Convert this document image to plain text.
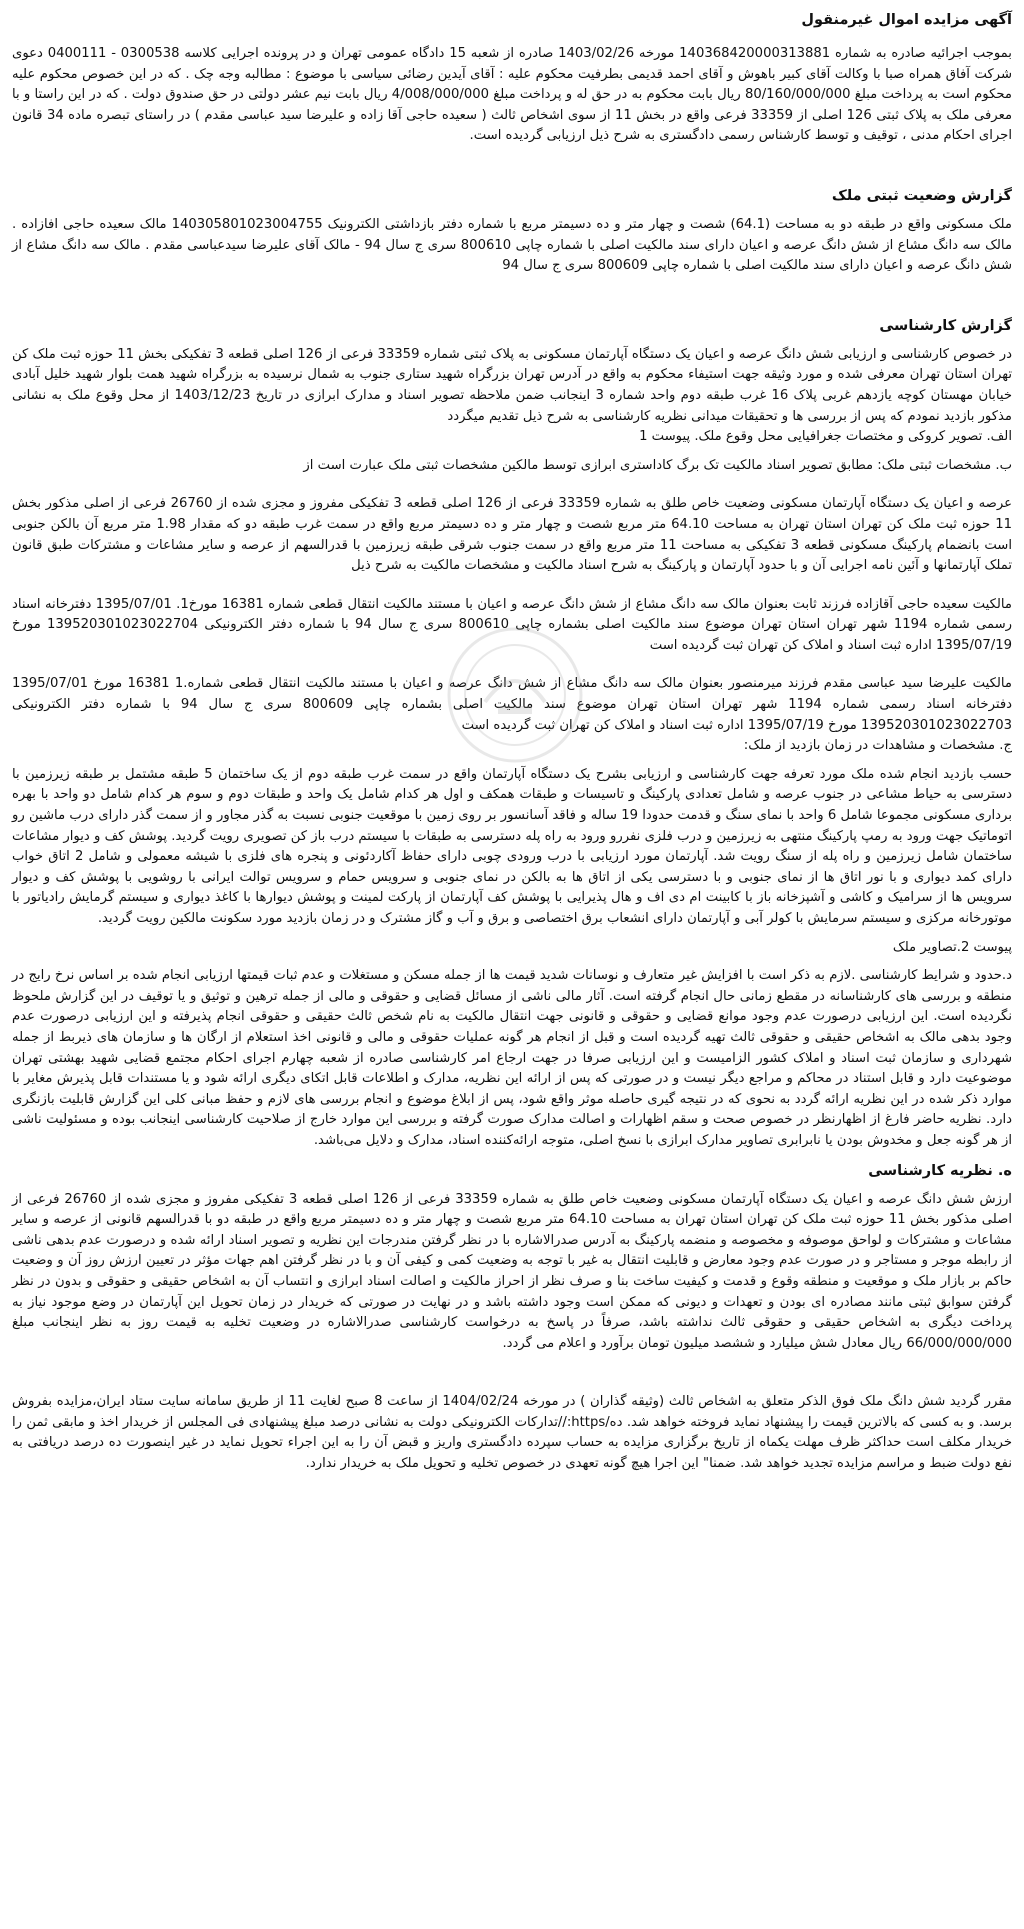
آگهی مزایده اموال غیرمنقول

بموجب اجرائیه صادره به شماره 140368420000313881 مورخه 1403/02/26 صادره از شعبه 15 دادگاه عمومی تهران و در پرونده اجرایی کلاسه 0300538 - 0400111 دعوی شرکت آفاق همراه صبا با وکالت آقای کبیر باهوش و آقای احمد قدیمی بطرفیت محکوم علیه : آقای آیدین رضائی سیاسی با موضوع : مطالبه وجه چک . که در این خصوص محکوم علیه محکوم است به پرداخت مبلغ 80/160/000/000 ریال بابت محکوم به در حق له و پرداخت مبلغ 4/008/000/000 ریال بابت نیم عشر دولتی در حق صندوق دولت . که در این راستا و با معرفی ملک به پلاک ثبتی 126 اصلی از 33359 فرعی واقع در بخش 11 از سوی اشخاص ثالث ( سعیده حاجی آقا زاده و علیرضا سید عباسی مقدم ) در راستای تبصره ماده 34 قانون اجرای احکام مدنی ، توقیف و توسط کارشناس رسمی دادگستری به شرح ذیل ارزیابی گردیده است.

گزارش وضعیت ثبتی ملک

ملک مسکونی واقع در طبقه دو به مساحت (64.1) شصت و چهار متر و ده دسیمتر مربع با شماره دفتر بازداشتی الکترونیک 140305801023004755 مالک سعیده حاجی افازاده . مالک سه دانگ مشاع از شش دانگ عرصه و اعیان دارای سند مالکیت اصلی با شماره چاپی 800610 سری ج سال 94 - مالک آقای علیرضا سیدعباسی مقدم . مالک سه دانگ مشاع از شش دانگ عرصه و اعیان دارای سند مالکیت اصلی با شماره چاپی 800609 سری ج سال 94

گزارش کارشناسی

در خصوص کارشناسی و ارزیابی شش دانگ عرصه و اعیان یک دستگاه آپارتمان مسکونی به پلاک ثبتی شماره 33359 فرعی از 126 اصلی قطعه 3 تفکیکی بخش 11 حوزه ثبت ملک کن تهران استان تهران معرفی شده و مورد وثیقه جهت استیفاء محکوم به واقع در آدرس تهران بزرگراه شهید ستاری جنوب به شمال نرسیده به بزرگراه شهید همت بلوار شهید خلیل آبادی خیابان مهستان کوچه یازدهم غربی پلاک 16 غرب طبقه دوم واحد شماره 3 اینجانب ضمن ملاحظه تصویر اسناد و مدارک ابرازی در تاریخ 1403/12/23 از محل وقوع ملک به نشانی مذکور بازدید نمودم که پس از بررسی ها و تحقیقات میدانی نظریه کارشناسی به شرح ذیل تقدیم میگردد

الف. تصویر کروکی و مختصات جغرافیایی محل وقوع ملک. پیوست 1

ب. مشخصات ثبتی ملک: مطابق تصویر اسناد مالکیت تک برگ کاداستری ابرازی توسط مالکین مشخصات ثبتی ملک عبارت است از

عرصه و اعیان یک دستگاه آپارتمان مسکونی وضعیت خاص طلق به شماره 33359 فرعی از 126 اصلی قطعه 3 تفکیکی مفروز و مجزی شده از 26760 فرعی از اصلی مذکور بخش 11 حوزه ثبت ملک کن تهران استان تهران به مساحت 64.10 متر مربع شصت و چهار متر و ده دسیمتر مربع واقع در سمت غرب طبقه دو که مقدار 1.98 متر مربع آن بالکن جنوبی است بانضمام پارکینگ مسکونی قطعه 3 تفکیکی به مساحت 11 متر مربع واقع در سمت جنوب شرقی طبقه زیرزمین با قدرالسهم از عرصه و سایر مشاعات و مشترکات طبق قانون تملک آپارتمانها و آئین نامه اجرایی آن و با حدود آپارتمان و پارکینگ به شرح اسناد مالکیت و مشخصات مالکیت به شرح ذیل

مالکیت سعیده حاجی آقازاده فرزند ثابت بعنوان مالک سه دانگ مشاع از شش دانگ عرصه و اعیان با مستند مالکیت انتقال قطعی شماره 16381 مورخ1. 1395/07/01 دفترخانه اسناد رسمی شماره 1194 شهر تهران استان تهران موضوع سند مالکیت اصلی بشماره چاپی 800610 سری ج سال 94 با شماره دفتر الکترونیکی 139520301023022704 مورخ 1395/07/19 اداره ثبت اسناد و املاک کن تهران ثبت گردیده است

مالکیت علیرضا سید عباسی مقدم فرزند میرمنصور بعنوان مالک سه دانگ مشاع از شش دانگ عرصه و اعیان با مستند مالکیت انتقال قطعی شماره.1 16381 مورخ 1395/07/01 دفترخانه اسناد رسمی شماره 1194 شهر تهران استان تهران موضوع سند مالکیت اصلی بشماره چاپی 800609 سری ج سال 94 با شماره دفتر الکترونیکی 139520301023022703 مورخ 1395/07/19 اداره ثبت اسناد و املاک کن تهران ثبت گردیده است

ج. مشخصات و مشاهدات در زمان بازدید از ملک:

حسب بازدید انجام شده ملک مورد تعرفه جهت کارشناسی و ارزیابی بشرح یک دستگاه آپارتمان واقع در سمت غرب طبقه دوم از یک ساختمان 5 طبقه مشتمل بر طبقه زیرزمین با دسترسی به حیاط مشاعی در جنوب عرصه و شامل تعدادی پارکینگ و تاسیسات و طبقات همکف و اول هر کدام شامل یک واحد و طبقات دوم و سوم هر کدام شامل دو واحد با بهره برداری مسکونی مجموعا شامل 6 واحد با نمای سنگ و قدمت حدودا 19 ساله و فاقد آسانسور بر روی زمین با موقعیت جنوبی نسبت به گذر مجاور و از سمت گذر دارای درب ماشین رو اتوماتیک جهت ورود به رمپ پارکینگ منتهی به زیرزمین و درب فلزی نفررو ورود به راه پله دسترسی به طبقات با سیستم درب باز کن تصویری رویت گردید. پوشش کف و دیوار مشاعات ساختمان شامل زیرزمین و راه پله از سنگ رویت شد. آپارتمان مورد ارزیابی با درب ورودی چوبی دارای حفاظ آکاردئونی و پنجره های فلزی با شیشه معمولی و شامل 2 اتاق خواب دارای کمد دیواری و با نور اتاق ها از نمای جنوبی و با دسترسی یکی از اتاق ها به بالکن در نمای جنوبی و سرویس حمام و سرویس توالت ایرانی با روشویی با پوشش کف و دیوار سرویس ها از سرامیک و کاشی و آشپزخانه باز با کابینت ام دی اف و هال پذیرایی با پوشش کف آپارتمان از پارکت لمینت و پوشش دیوارها با کاغذ دیواری و سیستم گرمایش رادیاتور با موتورخانه مرکزی و سیستم سرمایش با کولر آبی و آپارتمان دارای انشعاب برق اختصاصی و برق و آب و گاز مشترک و در زمان بازدید مورد سکونت مالکین رویت گردید.

پیوست 2.تصاویر ملک

د.حدود و شرایط کارشناسی .لازم به ذکر است با افزایش غیر متعارف و نوسانات شدید قیمت ها از جمله مسکن و مستغلات و عدم ثبات قیمتها ارزیابی انجام شده بر اساس نرخ رایج در منطقه و بررسی های کارشناسانه در مقطع زمانی حال انجام گرفته است. آثار مالی ناشی از مسائل قضایی و حقوقی و مالی از جمله ترهین و توثیق و یا توقیف در این گزارش ملحوظ نگردیده است. این ارزیابی درصورت عدم وجود موانع قضایی و حقوقی و قانونی جهت انتقال مالکیت به نام شخص ثالث حقیقی و حقوقی انجام پذیرفته و این ارزیابی درصورت عدم وجود بدهی مالک به اشخاص حقیقی و حقوقی ثالث تهیه گردیده است و قبل از انجام هر گونه عملیات حقوقی و مالی و قانونی اخذ استعلام از ارگان ها و سازمان های ذیربط از جمله شهرداری و سازمان ثبت اسناد و املاک کشور الزامیست و این ارزیابی صرفا در جهت ارجاع امر کارشناسی صادره از شعبه چهارم اجرای احکام مجتمع قضایی شهید بهشتی تهران موضوعیت دارد و قابل استناد در محاکم و مراجع دیگر نیست و در صورتی که پس از ارائه این نظریه، مدارک و اطلاعات قابل اتکای دیگری ارائه شود و یا مستندات قابل پذیرش مغایر با موارد ذکر شده در این نظریه ارائه گردد به نحوی که در نتیجه گیری حاصله موثر واقع شود، پس از ابلاغ موضوع و انجام بررسی های لازم و حفظ مبانی کلی این گزارش قابلیت بازنگری دارد. نظریه حاضر فارغ از اظهارنظر در خصوص صحت و سقم اظهارات و اصالت مدارک صورت گرفته و بررسی این موارد خارج از صلاحیت کارشناسی اینجانب بوده و مسئولیت ناشی از هر گونه جعل و مخدوش بودن یا نابرابری تصاویر مدارک ابرازی با نسخ اصلی، متوجه ارائه‌کننده اسناد، مدارک و دلایل می‌باشد.

ه. نظریه کارشناسی

ارزش شش دانگ عرصه و اعیان یک دستگاه آپارتمان مسکونی وضعیت خاص طلق به شماره 33359 فرعی از 126 اصلی قطعه 3 تفکیکی مفروز و مجزی شده از 26760 فرعی از اصلی مذکور بخش 11 حوزه ثبت ملک کن تهران استان تهران به مساحت 64.10 متر مربع شصت و چهار متر و ده دسیمتر مربع واقع در طبقه دو با قدرالسهم قانونی از عرصه و سایر مشاعات و مشترکات و لواحق موصوفه و مخصوصه و منضمه پارکینگ به آدرس صدرالاشاره با در نظر گرفتن مندرجات این نظریه و تصویر اسناد ارائه شده و درصورت عدم بدهی ناشی از رابطه موجر و مستاجر و در صورت عدم وجود معارض و قابلیت انتقال به غیر با توجه به وضعیت کمی و کیفی آن و با در نظر گرفتن اهم جهات مؤثر در تعیین ارزش روز آن و وضعیت حاکم بر بازار ملک و موقعیت و منطقه وقوع و قدمت و کیفیت ساخت بنا و صرف نظر از احراز مالکیت و اصالت اسناد ابرازی و انتساب آن به اشخاص حقیقی و حقوقی و بدون در نظر گرفتن سوابق ثبتی مانند مصادره ای بودن و تعهدات و دیونی که ممکن است وجود داشته باشد و در نهایت در صورتی که خریدار در زمان تحویل این آپارتمان در وضع موجود نیاز به پرداخت دیگری به اشخاص حقیقی و حقوقی ثالث نداشته باشد، صرفاً در پاسخ به درخواست کارشناسی صدرالاشاره در وضعیت تخلیه به قیمت روز به نظر اینجانب مبلغ 66/000/000/000 ریال معادل شش میلیارد و ششصد میلیون تومان برآورد و اعلام می گردد.

مقرر گردید شش دانگ ملک فوق الذکر متعلق به اشخاص ثالث (وثیقه گذاران ) در مورخه 1404/02/24 از ساعت 8 صبح لغایت 11 از طریق سامانه سایت ستاد ایران،مزایده بفروش برسد. و به کسی که بالاترین قیمت را پیشنهاد نماید فروخته خواهد شد. ده/https://تدارکات الکترونیکی دولت به نشانی درصد مبلغ پیشنهادی فی المجلس از خریدار اخذ و مابقی ثمن را خریدار مکلف است حداکثر ظرف مهلت یکماه از تاریخ برگزاری مزایده به حساب سپرده دادگستری واریز و قبض آن را به این اجراء تحویل نماید در غیر اینصورت ده درصد دریافتی به نفع دولت ضبط و مراسم مزایده تجدید خواهد شد. ضمنا" این اجرا هیچ گونه تعهدی در خصوص تخلیه و تحویل ملک به خریدار ندارد.
